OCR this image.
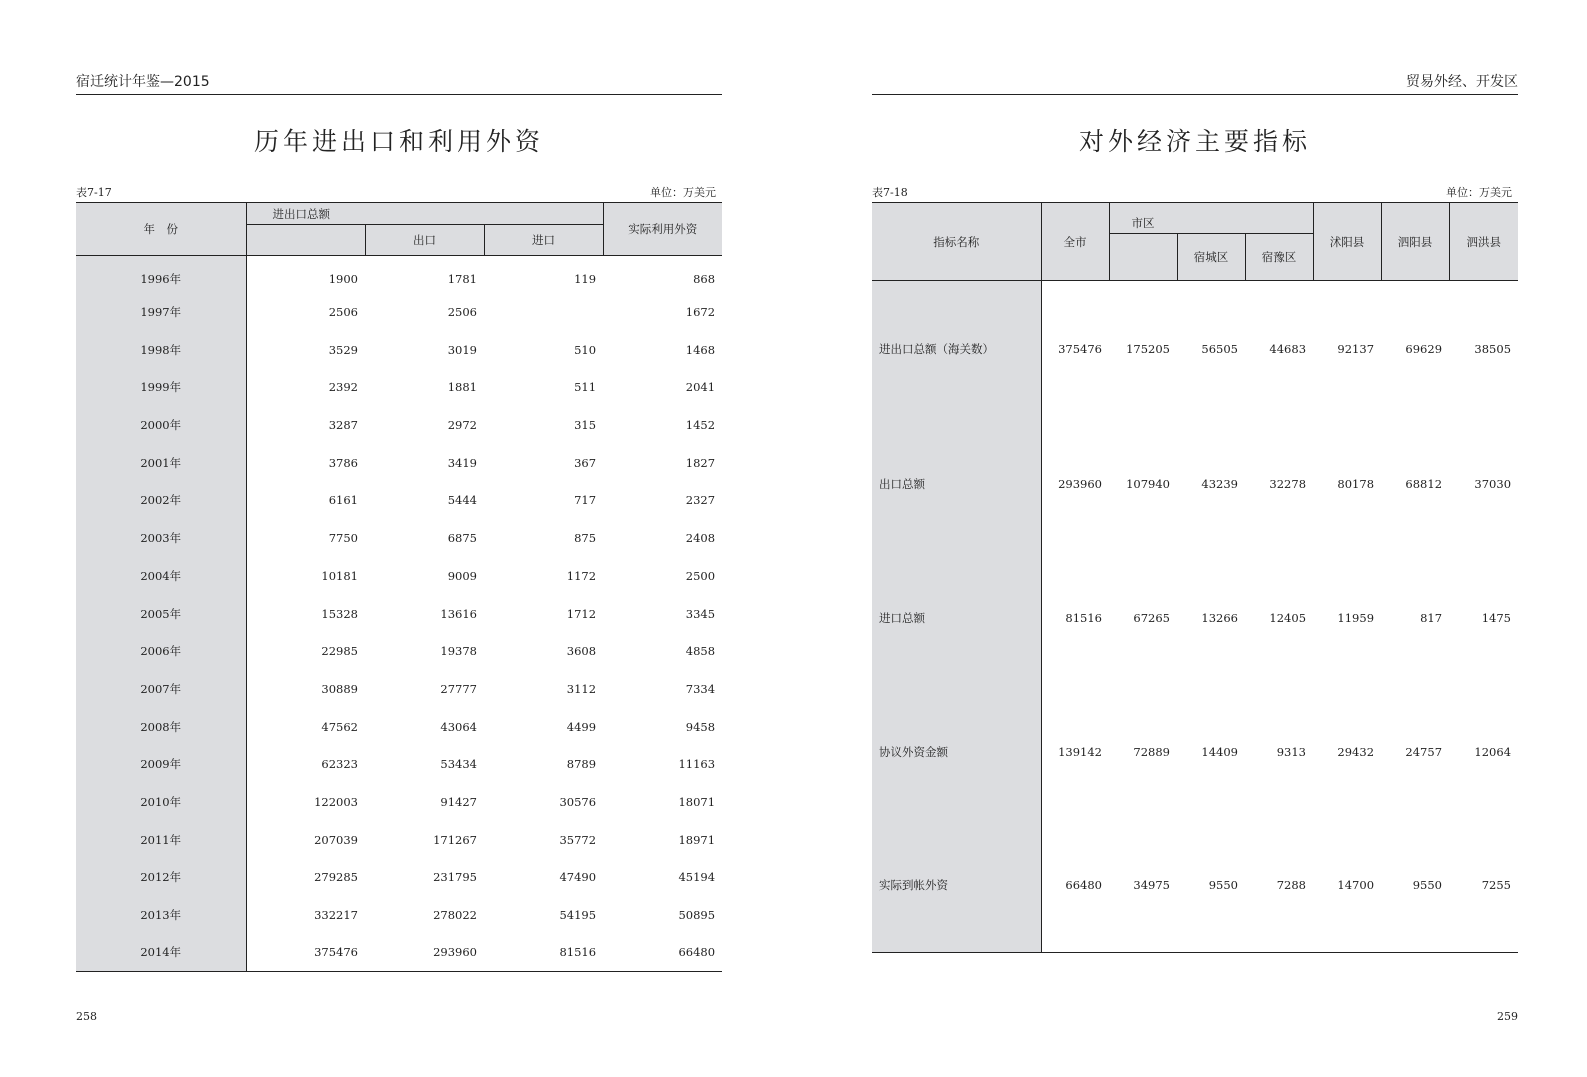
宿迁统计年鉴—2015
历年进出口和利用外资
表7-17	单位：万美元
年　份	进出口总额			实际利用外资
		出口	进口	
1996年	1900	1781	119	868
1997年	2506	2506		1672
1998年	3529	3019	510	1468
1999年	2392	1881	511	2041
2000年	3287	2972	315	1452
2001年	3786	3419	367	1827
2002年	6161	5444	717	2327
2003年	7750	6875	875	2408
2004年	10181	9009	1172	2500
2005年	15328	13616	1712	3345
2006年	22985	19378	3608	4858
2007年	30889	27777	3112	7334
2008年	47562	43064	4499	9458
2009年	62323	53434	8789	11163
2010年	122003	91427	30576	18071
2011年	207039	171267	35772	18971
2012年	279285	231795	47490	45194
2013年	332217	278022	54195	50895
2014年	375476	293960	81516	66480
258
贸易外经、开发区
对外经济主要指标
表7-18	单位：万美元
指标名称	全市	市区			沭阳县	泗阳县	泗洪县
			宿城区	宿豫区			
进出口总额（海关数）	375476	175205	56505	44683	92137	69629	38505
出口总额	293960	107940	43239	32278	80178	68812	37030
进口总额	81516	67265	13266	12405	11959	817	1475
协议外资金额	139142	72889	14409	9313	29432	24757	12064
实际到帐外资	66480	34975	9550	7288	14700	9550	7255
259
